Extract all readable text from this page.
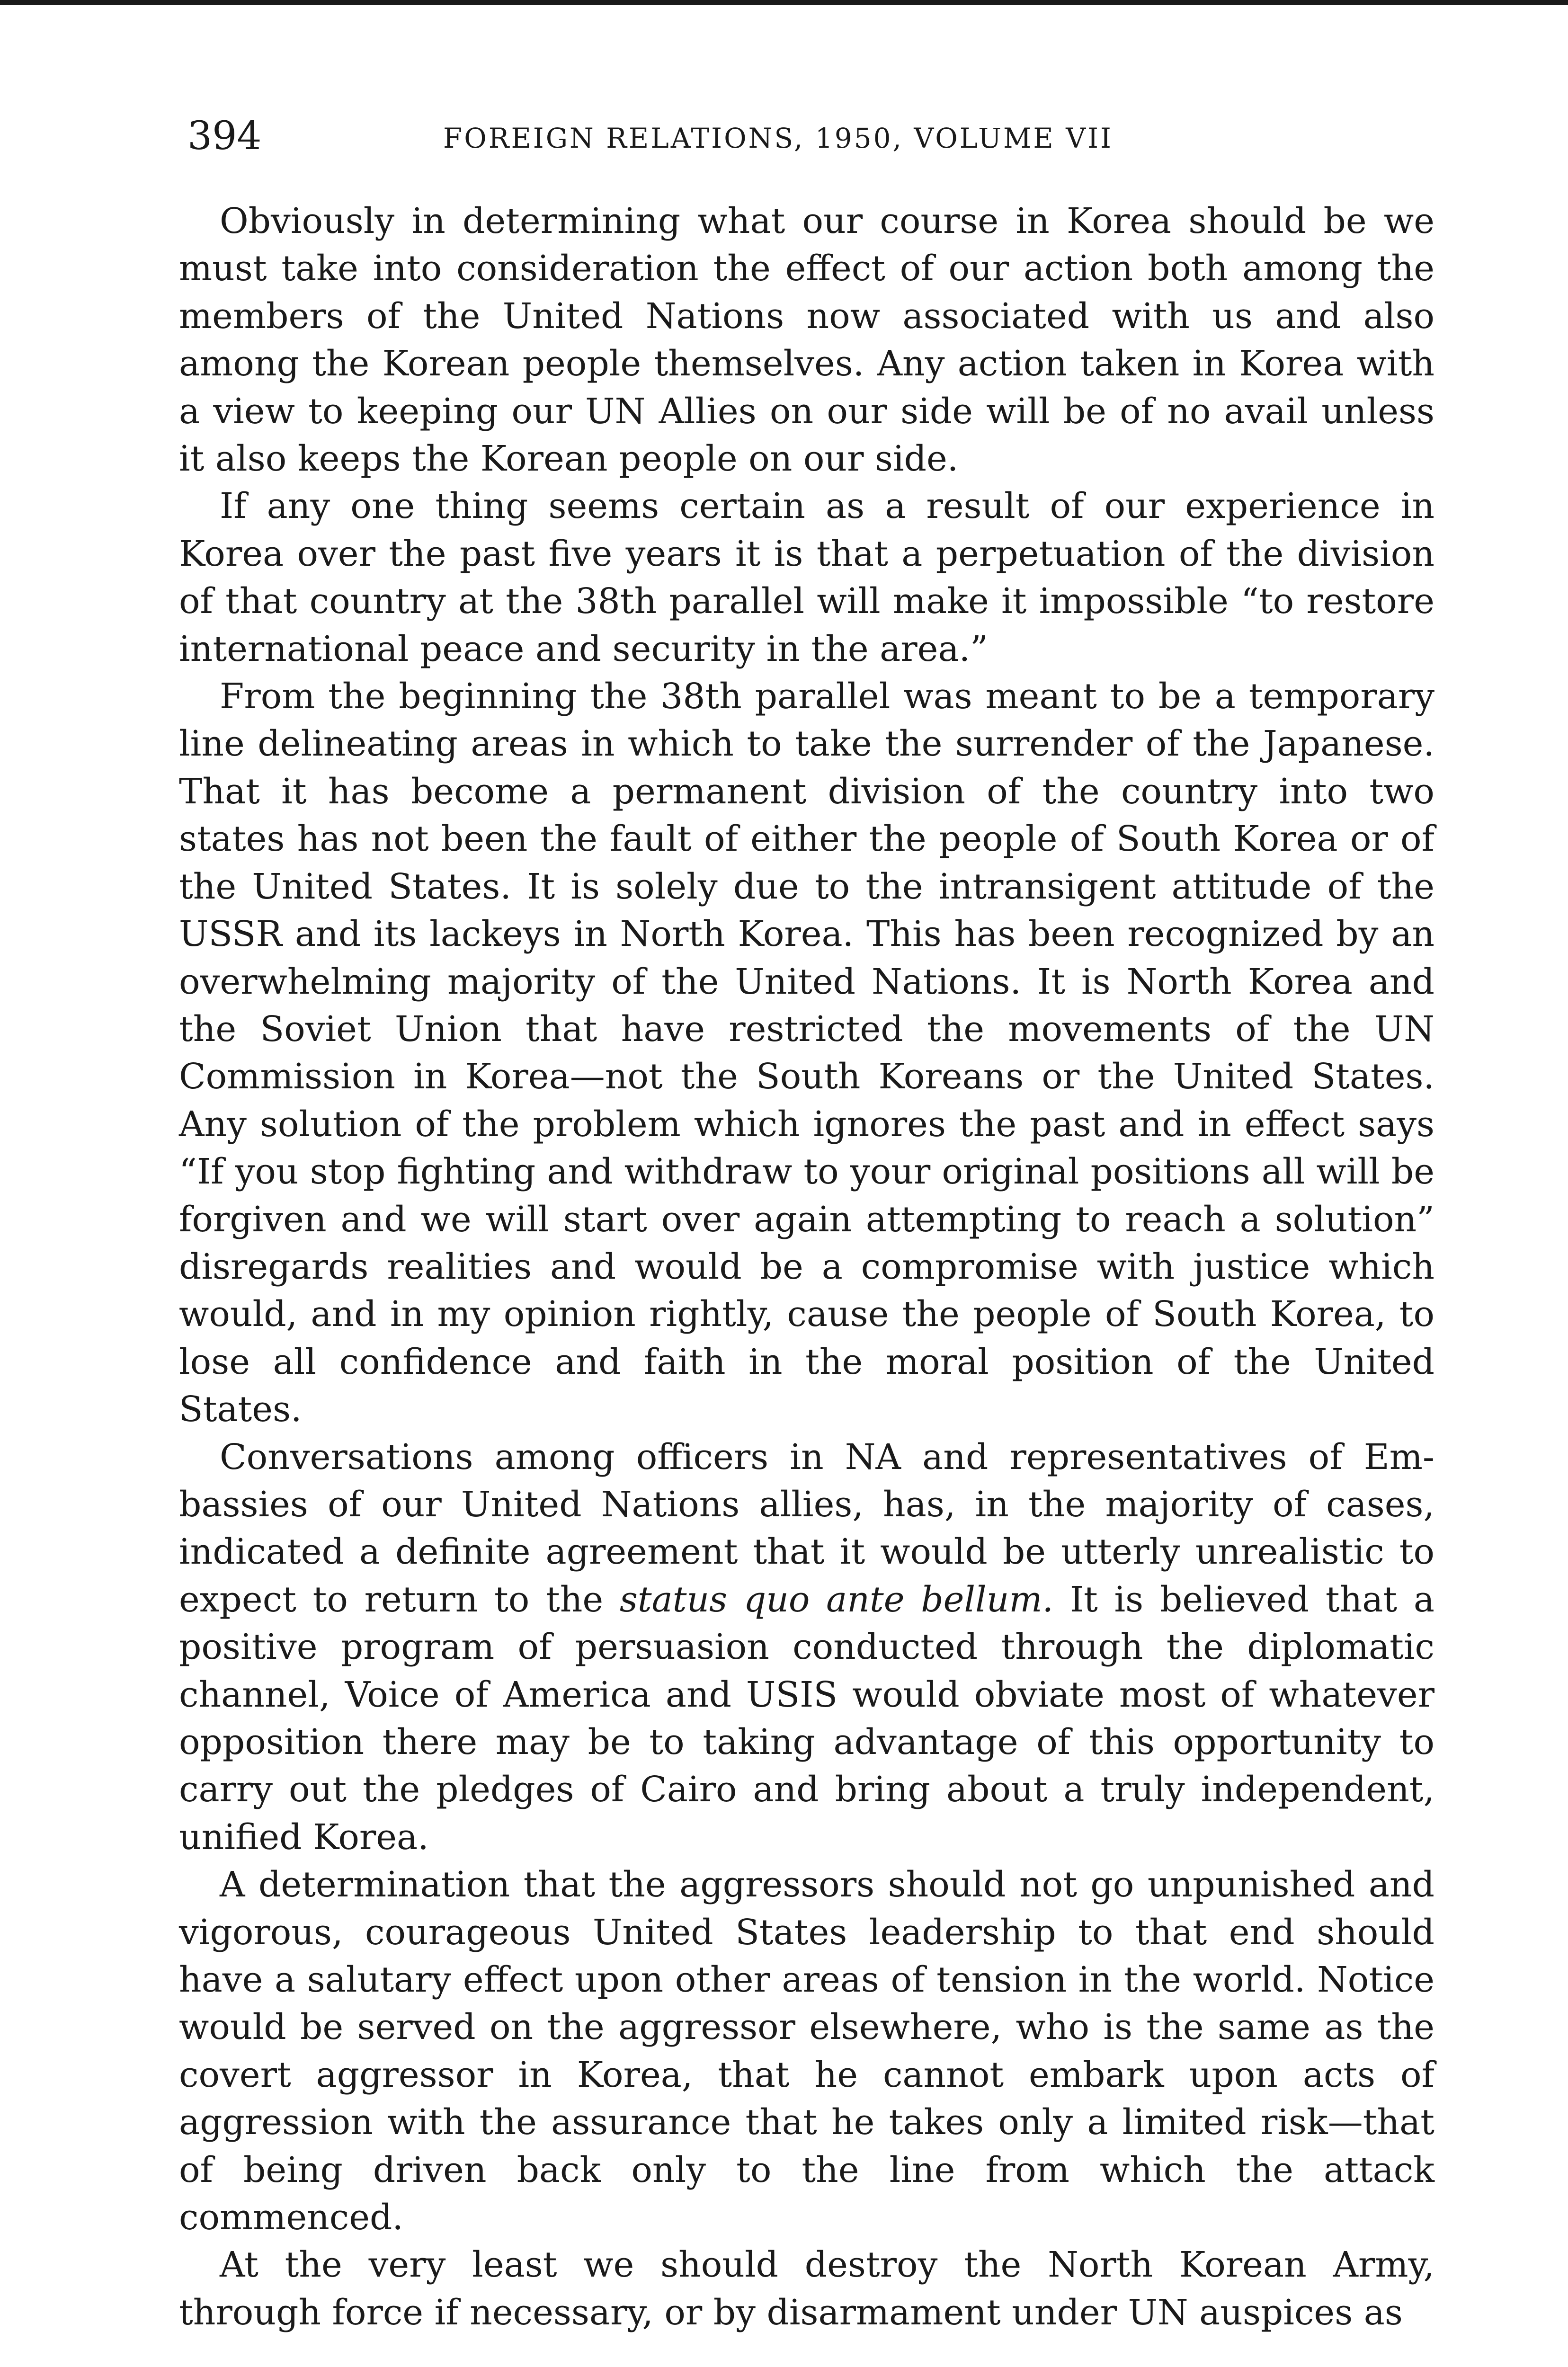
394	FOREIGN RELATIONS, 1950, VOLUME VII

Obviously in determining what our course in Korea should be we must take into consideration the effect of our action both among the members of the United Nations now associated with us and also among the Korean people themselves. Any action taken in Korea with a view to keeping our UN Allies on our side will be of no avail unless it also keeps the Korean people on our side.

If any one thing seems certain as a result of our experience in Korea over the past five years it is that a perpetuation of the division of that country at the 38th parallel will make it impossible “to restore international peace and security in the area.”

From the beginning the 38th parallel was meant to be a temporary line delineating areas in which to take the surrender of the Japanese. That it has become a permanent division of the country into two states has not been the fault of either the people of South Korea or of the United States. It is solely due to the intransigent attitude of the USSR and its lackeys in North Korea. This has been recognized by an overwhelming majority of the United Nations. It is North Korea and the Soviet Union that have restricted the movements of the UN Commission in Korea—not the South Koreans or the United States. Any solution of the problem which ignores the past and in effect says “If you stop fighting and withdraw to your original positions all will be forgiven and we will start over again attempting to reach a solution” disregards realities and would be a compromise with justice which would, and in my opinion rightly, cause the people of South Korea, to lose all confidence and faith in the moral position of the United States.

Conversations among officers in NA and representatives of Embassies of our United Nations allies, has, in the majority of cases, indicated a definite agreement that it would be utterly unrealistic to expect to return to the status quo ante bellum. It is believed that a positive program of persuasion conducted through the diplomatic channel, Voice of America and USIS would obviate most of whatever opposition there may be to taking advantage of this opportunity to carry out the pledges of Cairo and bring about a truly independent, unified Korea.

A determination that the aggressors should not go unpunished and vigorous, courageous United States leadership to that end should have a salutary effect upon other areas of tension in the world. Notice would be served on the aggressor elsewhere, who is the same as the covert aggressor in Korea, that he cannot embark upon acts of aggression with the assurance that he takes only a limited risk—that of being driven back only to the line from which the attack commenced.

At the very least we should destroy the North Korean Army, through force if necessary, or by disarmament under UN auspices as
